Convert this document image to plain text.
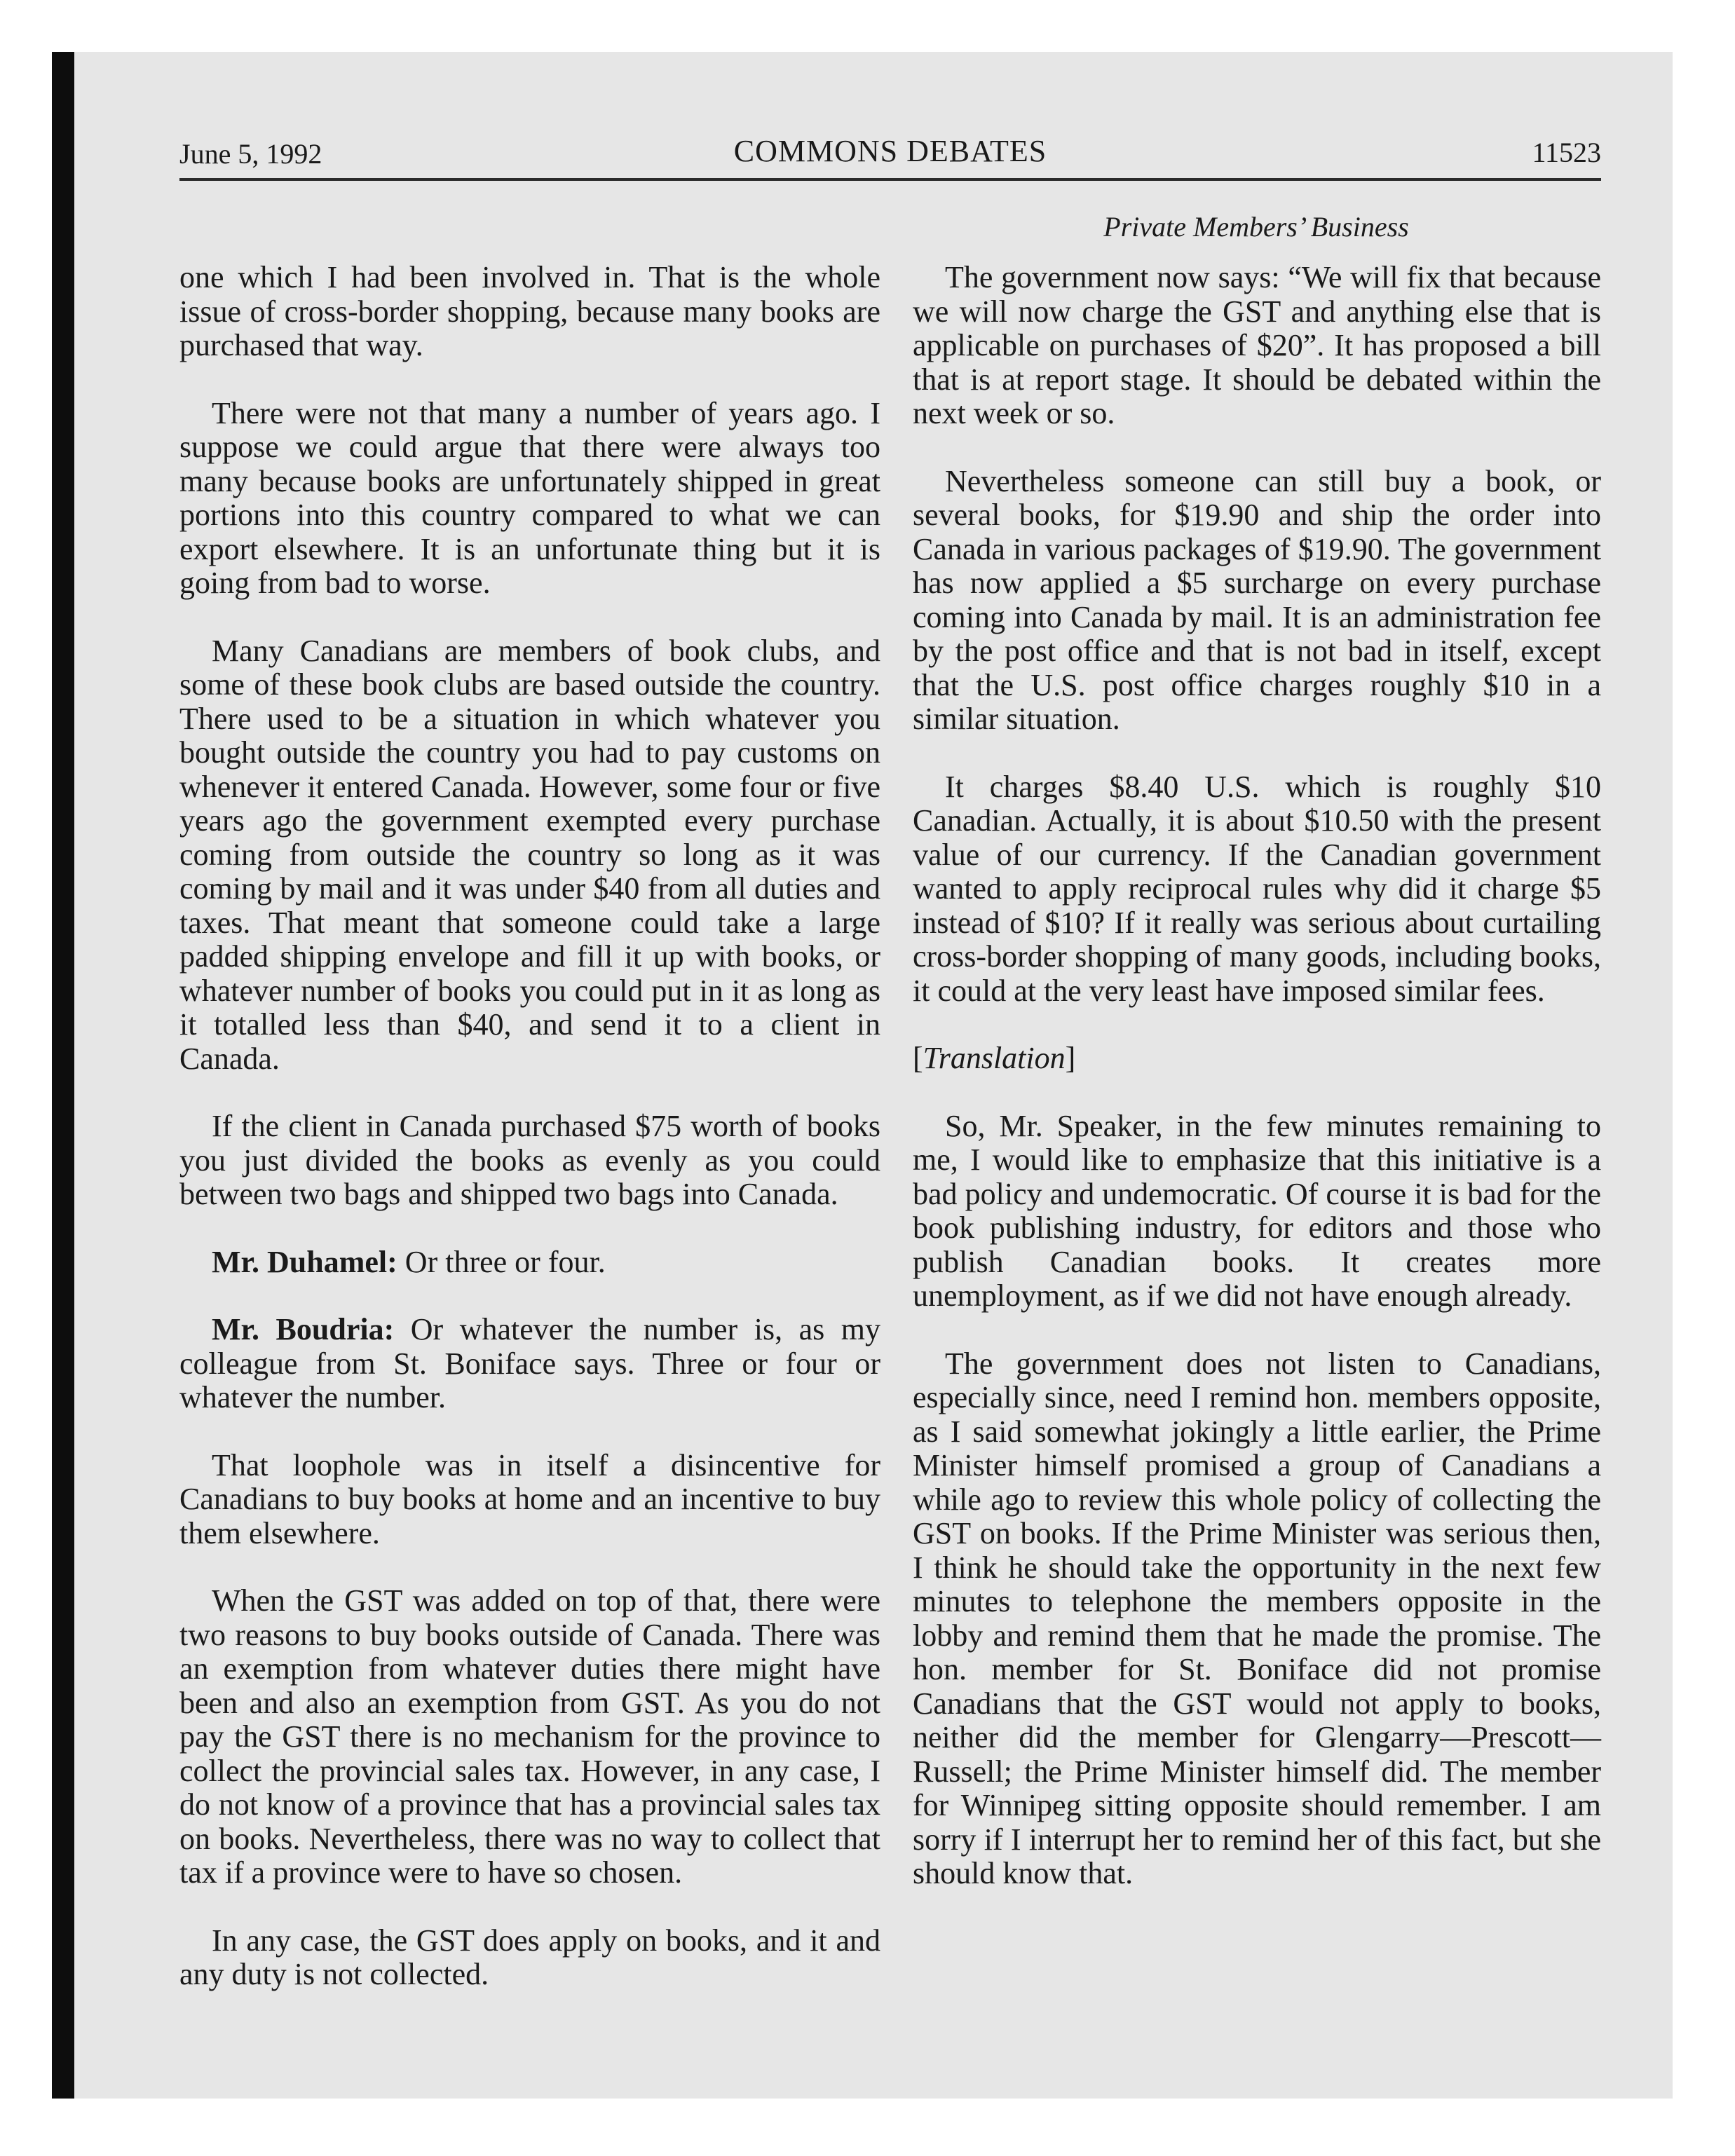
June 5, 1992	COMMONS DEBATES	11523
Private Members’ Business

one which I had been involved in. That is the whole issue of cross-border shopping, because many books are purchased that way.

There were not that many a number of years ago. I suppose we could argue that there were always too many because books are unfortunately shipped in great portions into this country compared to what we can export elsewhere. It is an unfortunate thing but it is going from bad to worse.

Many Canadians are members of book clubs, and some of these book clubs are based outside the country. There used to be a situation in which whatever you bought outside the country you had to pay customs on whenever it entered Canada. However, some four or five years ago the government exempted every purchase coming from outside the country so long as it was coming by mail and it was under $40 from all duties and taxes. That meant that someone could take a large padded shipping envelope and fill it up with books, or whatever number of books you could put in it as long as it totalled less than $40, and send it to a client in Canada.

If the client in Canada purchased $75 worth of books you just divided the books as evenly as you could between two bags and shipped two bags into Canada.

Mr. Duhamel: Or three or four.

Mr. Boudria: Or whatever the number is, as my colleague from St. Boniface says. Three or four or whatever the number.

That loophole was in itself a disincentive for Canadians to buy books at home and an incentive to buy them elsewhere.

When the GST was added on top of that, there were two reasons to buy books outside of Canada. There was an exemption from whatever duties there might have been and also an exemption from GST. As you do not pay the GST there is no mechanism for the province to collect the provincial sales tax. However, in any case, I do not know of a province that has a provincial sales tax on books. Nevertheless, there was no way to collect that tax if a province were to have so chosen.

In any case, the GST does apply on books, and it and any duty is not collected.

The government now says: “We will fix that because we will now charge the GST and anything else that is applicable on purchases of $20”. It has proposed a bill that is at report stage. It should be debated within the next week or so.

Nevertheless someone can still buy a book, or several books, for $19.90 and ship the order into Canada in various packages of $19.90. The government has now applied a $5 surcharge on every purchase coming into Canada by mail. It is an administration fee by the post office and that is not bad in itself, except that the U.S. post office charges roughly $10 in a similar situation.

It charges $8.40 U.S. which is roughly $10 Canadian. Actually, it is about $10.50 with the present value of our currency. If the Canadian government wanted to apply reciprocal rules why did it charge $5 instead of $10? If it really was serious about curtailing cross-border shopping of many goods, including books, it could at the very least have imposed similar fees.

[Translation]

So, Mr. Speaker, in the few minutes remaining to me, I would like to emphasize that this initiative is a bad policy and undemocratic. Of course it is bad for the book publishing industry, for editors and those who publish Canadian books. It creates more unemployment, as if we did not have enough already.

The government does not listen to Canadians, especially since, need I remind hon. members opposite, as I said somewhat jokingly a little earlier, the Prime Minister himself promised a group of Canadians a while ago to review this whole policy of collecting the GST on books. If the Prime Minister was serious then, I think he should take the opportunity in the next few minutes to telephone the members opposite in the lobby and remind them that he made the promise. The hon. member for St. Boniface did not promise Canadians that the GST would not apply to books, neither did the member for Glengarry—Prescott—Russell; the Prime Minister himself did. The member for Winnipeg sitting opposite should remember. I am sorry if I interrupt her to remind her of this fact, but she should know that.
